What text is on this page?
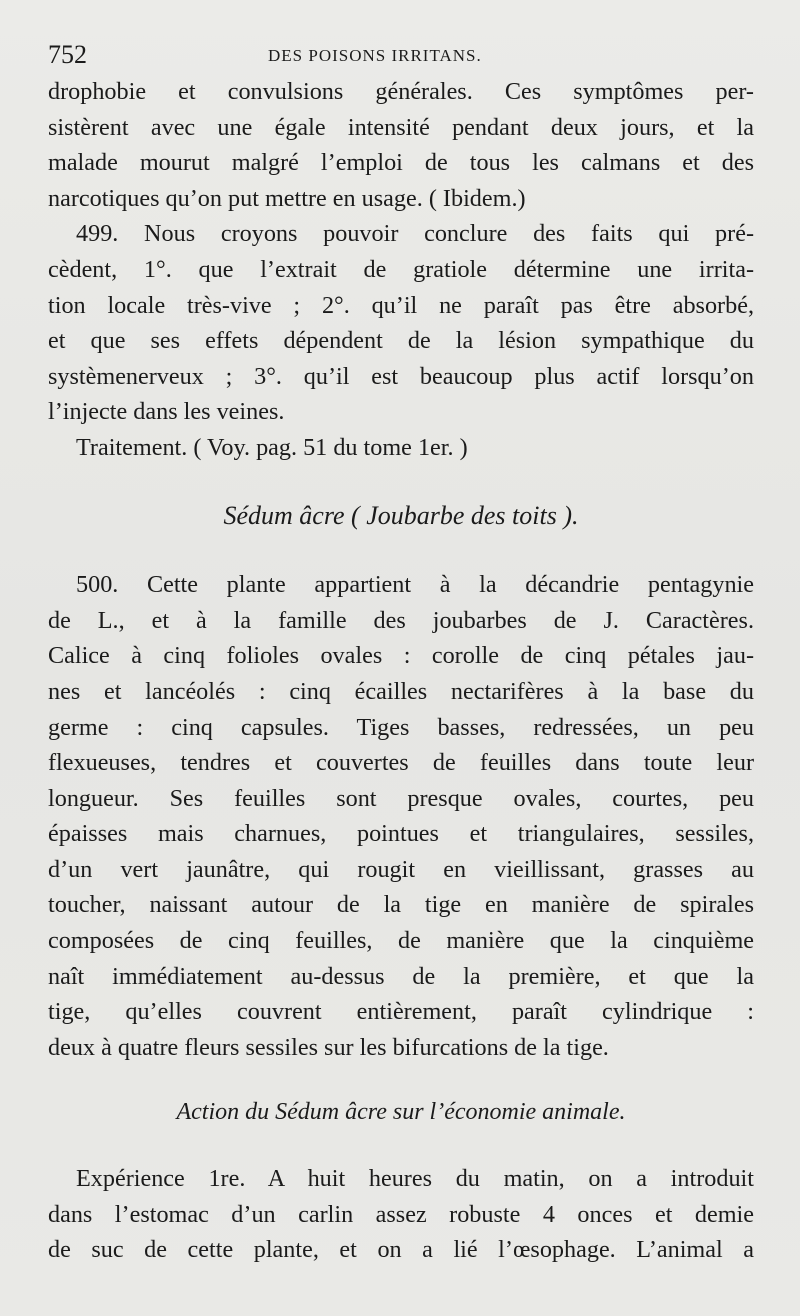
752	DES POISONS IRRITANS.
drophobie et convulsions générales. Ces symptômes per-
sistèrent avec une égale intensité pendant deux jours, et la
malade mourut malgré l’emploi de tous les calmans et des
narcotiques qu’on put mettre en usage. ( Ibidem.)
499. Nous croyons pouvoir conclure des faits qui pré-
cèdent, 1°. que l’extrait de gratiole détermine une irrita-
tion locale très-vive ; 2°. qu’il ne paraît pas être absorbé,
et que ses effets dépendent de la lésion sympathique du
systèmenerveux ; 3°. qu’il est beaucoup plus actif lorsqu’on
l’injecte dans les veines.
Traitement. ( Voy. pag. 51 du tome 1er. )
Sédum âcre ( Joubarbe des toits ).
500. Cette plante appartient à la décandrie pentagynie
de L., et à la famille des joubarbes de J. Caractères.
Calice à cinq folioles ovales : corolle de cinq pétales jau-
nes et lancéolés : cinq écailles nectarifères à la base du
germe : cinq capsules. Tiges basses, redressées, un peu
flexueuses, tendres et couvertes de feuilles dans toute leur
longueur. Ses feuilles sont presque ovales, courtes, peu
épaisses mais charnues, pointues et triangulaires, sessiles,
d’un vert jaunâtre, qui rougit en vieillissant, grasses au
toucher, naissant autour de la tige en manière de spirales
composées de cinq feuilles, de manière que la cinquième
naît immédiatement au-dessus de la première, et que la
tige, qu’elles couvrent entièrement, paraît cylindrique :
deux à quatre fleurs sessiles sur les bifurcations de la tige.
Action du Sédum âcre sur l’économie animale.
Expérience 1re. A huit heures du matin, on a introduit
dans l’estomac d’un carlin assez robuste 4 onces et demie
de suc de cette plante, et on a lié l’œsophage. L’animal a
